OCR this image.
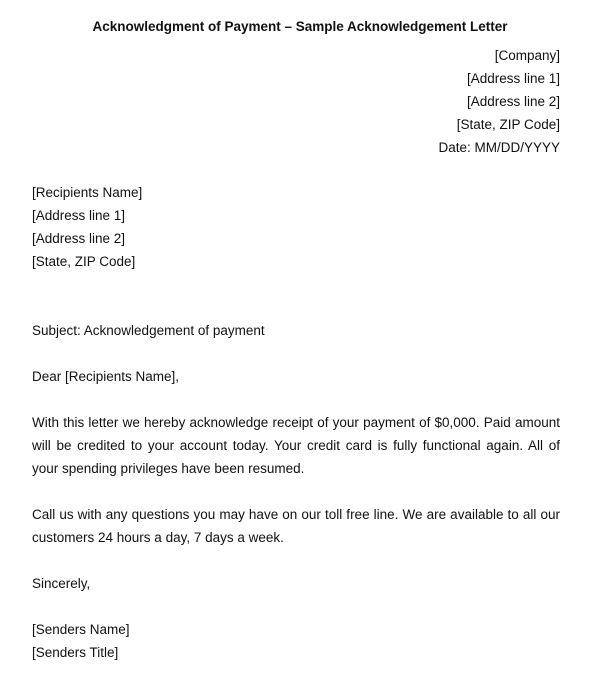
Acknowledgment of Payment – Sample Acknowledgement Letter
[Company]
[Address line 1]
[Address line 2]
[State, ZIP Code]
Date: MM/DD/YYYY
[Recipients Name]
[Address line 1]
[Address line 2]
[State, ZIP Code]
Subject: Acknowledgement of payment
Dear [Recipients Name],
With this letter we hereby acknowledge receipt of your payment of $0,000. Paid amount will be credited to your account today. Your credit card is fully functional again. All of your spending privileges have been resumed.
Call us with any questions you may have on our toll free line. We are available to all our customers 24 hours a day, 7 days a week.
Sincerely,
[Senders Name]
[Senders Title]
